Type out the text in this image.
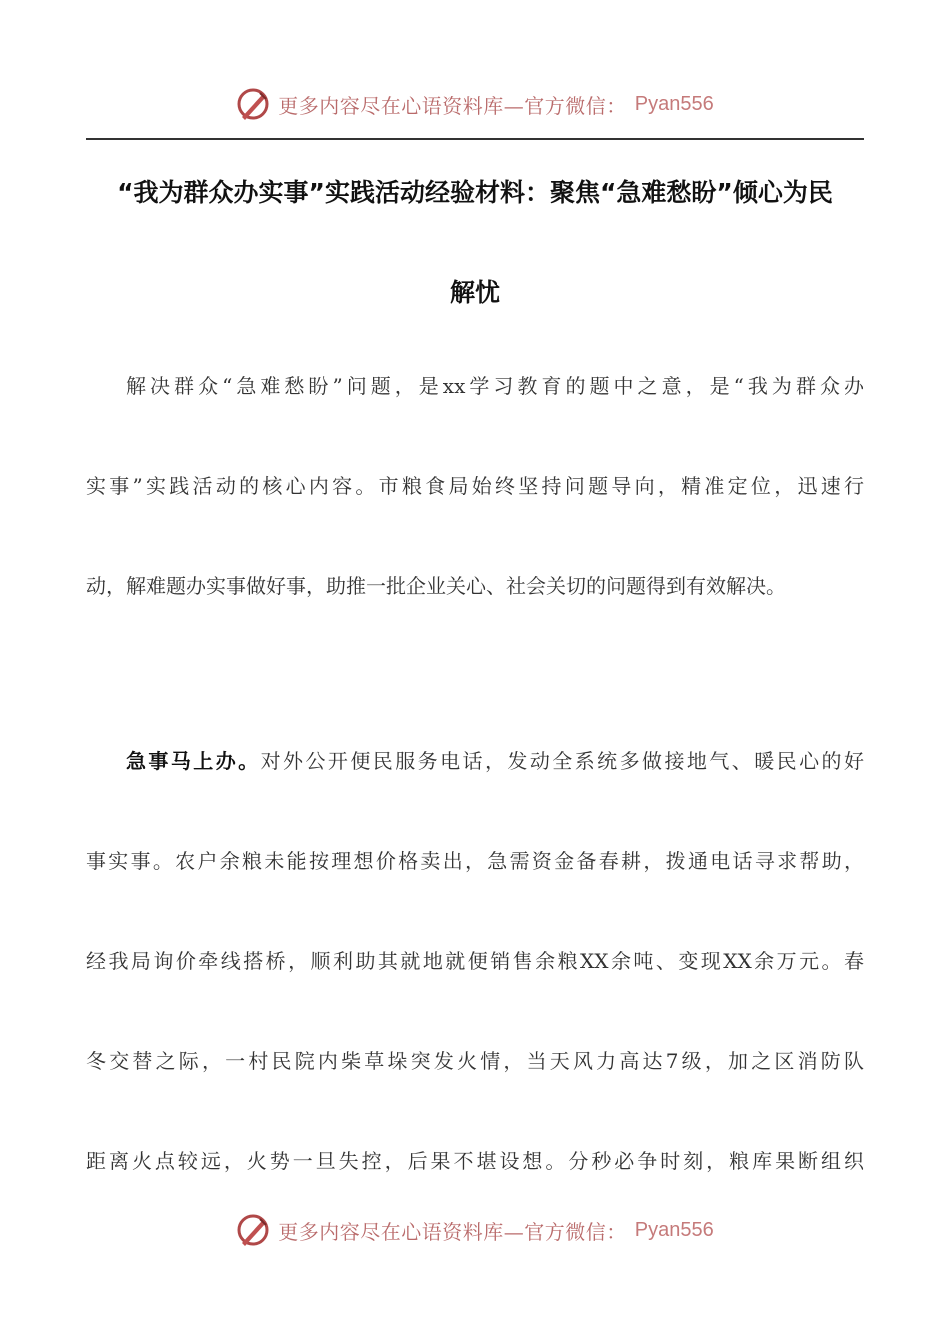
更多内容尽在心语资料库—官方微信： Pyan556
“我为群众办实事”实践活动经验材料：聚焦“急难愁盼”倾心为民
解忧
解决群众“急难愁盼”问题，是xx学习教育的题中之意，是“我为群众办
实事”实践活动的核心内容。市粮食局始终坚持问题导向，精准定位，迅速行
动，解难题办实事做好事，助推一批企业关心、社会关切的问题得到有效解决。
急事马上办。对外公开便民服务电话，发动全系统多做接地气、暖民心的好
事实事。农户余粮未能按理想价格卖出，急需资金备春耕，拨通电话寻求帮助，
经我局询价牵线搭桥，顺利助其就地就便销售余粮XX余吨、变现XX余万元。春
冬交替之际，一村民院内柴草垛突发火情，当天风力高达7级，加之区消防队
距离火点较远，火势一旦失控，后果不堪设想。分秒必争时刻，粮库果断组织
更多内容尽在心语资料库—官方微信： Pyan556
